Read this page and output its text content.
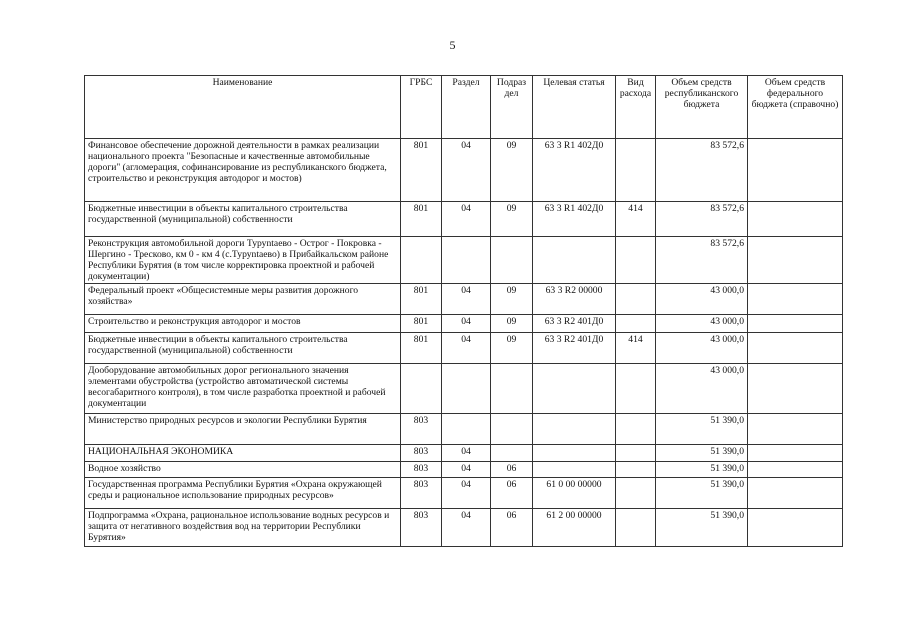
5
Наименование	ГРБС	Раздел	Подраз дел	Целевая статья	Вид расхода	Объем средств республиканского бюджета	Объем средств федерального бюджета (справочно)
Финансовое обеспечение дорожной деятельности в рамках реализации национального проекта "Безопасные и качественные автомобильные дороги" (агломерация, софинансирование из республиканского бюджета, строительство и реконструкция автодорог и мостов)	801	04	09	63 3 R1 402Д0		83 572,6	
Бюджетные инвестиции в объекты капитального строительства государственной (муниципальной) собственности	801	04	09	63 3 R1 402Д0	414	83 572,6	
Реконструкция автомобильной дороги Туруntaево - Острог - Покровка - Шергино - Тресково, км 0 - км 4 (с.Туруntaево) в Прибайкальском районе Республики Бурятия (в том числе корректировка проектной и рабочей документации)						83 572,6	
Федеральный проект «Общесистемные меры развития дорожного хозяйства»	801	04	09	63 3 R2 00000		43 000,0	
Строительство и реконструкция автодорог и мостов	801	04	09	63 3 R2 401Д0		43 000,0	
Бюджетные инвестиции в объекты капитального строительства государственной (муниципальной) собственности	801	04	09	63 3 R2 401Д0	414	43 000,0	
Дооборудование автомобильных дорог регионального значения элементами обустройства (устройство автоматической системы весогабаритного контроля), в том числе разработка проектной и рабочей документации						43 000,0	
Министерство природных ресурсов и экологии Республики Бурятия	803					51 390,0	
НАЦИОНАЛЬНАЯ ЭКОНОМИКА	803	04				51 390,0	
Водное хозяйство	803	04	06			51 390,0	
Государственная программа Республики Бурятия «Охрана окружающей среды и рациональное использование природных ресурсов»	803	04	06	61 0 00 00000		51 390,0	
Подпрограмма «Охрана, рациональное использование водных ресурсов и защита от негативного воздействия вод на территории Республики Бурятия»	803	04	06	61 2 00 00000		51 390,0	
